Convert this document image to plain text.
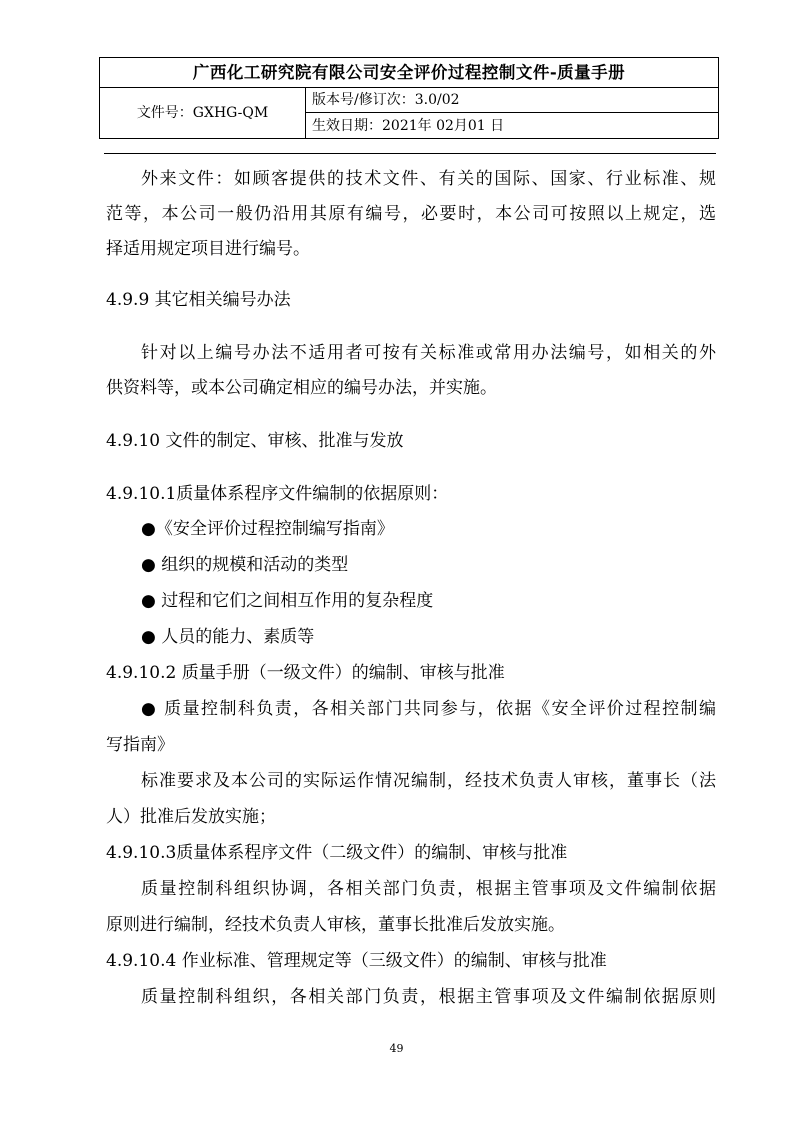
广西化工研究院有限公司安全评价过程控制文件-质量手册
文件号：GXHG-QM
版本号/修订次：3.0/02
生效日期：2021年 02月01 日
外来文件：如顾客提供的技术文件、有关的国际、国家、行业标准、规
范等，本公司一般仍沿用其原有编号，必要时，本公司可按照以上规定，选
择适用规定项目进行编号。
4.9.9 其它相关编号办法
针对以上编号办法不适用者可按有关标准或常用办法编号，如相关的外
供资料等，或本公司确定相应的编号办法，并实施。
4.9.10 文件的制定、审核、批准与发放
4.9.10.1质量体系程序文件编制的依据原则：
●《安全评价过程控制编写指南》
● 组织的规模和活动的类型
● 过程和它们之间相互作用的复杂程度
● 人员的能力、素质等
4.9.10.2 质量手册（一级文件）的编制、审核与批准
● 质量控制科负责，各相关部门共同参与，依据《安全评价过程控制编
写指南》
标准要求及本公司的实际运作情况编制，经技术负责人审核，董事长（法
人）批准后发放实施；
4.9.10.3质量体系程序文件（二级文件）的编制、审核与批准
质量控制科组织协调，各相关部门负责，根据主管事项及文件编制依据
原则进行编制，经技术负责人审核，董事长批准后发放实施。
4.9.10.4 作业标准、管理规定等（三级文件）的编制、审核与批准
质量控制科组织，各相关部门负责，根据主管事项及文件编制依据原则
49
